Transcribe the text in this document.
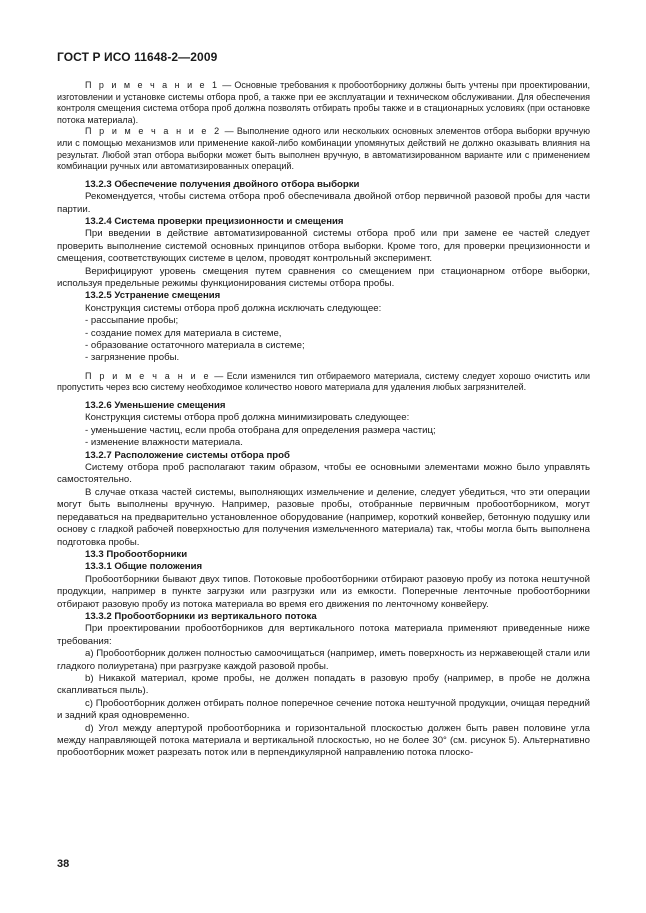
ГОСТ Р ИСО 11648-2—2009

П р и м е ч а н и е 1 — Основные требования к пробоотборнику должны быть учтены при проектировании, изготовлении и установке системы отбора проб, а также при ее эксплуатации и техническом обслуживании. Для обеспечения контроля смещения система отбора проб должна позволять отбирать пробы также и в стационарных условиях (при остановке потока материала).

П р и м е ч а н и е 2 — Выполнение одного или нескольких основных элементов отбора выборки вручную или с помощью механизмов или применение какой-либо комбинации упомянутых действий не должно оказывать влияния на результат. Любой этап отбора выборки может быть выполнен вручную, в автоматизированном варианте или с применением комбинации ручных или автоматизированных операций.

13.2.3 Обеспечение получения двойного отбора выборки

Рекомендуется, чтобы система отбора проб обеспечивала двойной отбор первичной разовой пробы для части партии.

13.2.4 Система проверки прецизионности и смещения

При введении в действие автоматизированной системы отбора проб или при замене ее частей следует проверить выполнение системой основных принципов отбора выборки. Кроме того, для проверки прецизионности и смещения, соответствующих системе в целом, проводят контрольный эксперимент.

Верифицируют уровень смещения путем сравнения со смещением при стационарном отборе выборки, используя предельные режимы функционирования системы отбора пробы.

13.2.5 Устранение смещения

Конструкция системы отбора проб должна исключать следующее:

- рассыпание пробы;

- создание помех для материала в системе,

- образование остаточного материала в системе;

- загрязнение пробы.

П р и м е ч а н и е — Если изменился тип отбираемого материала, систему следует хорошо очистить или пропустить через всю систему необходимое количество нового материала для удаления любых загрязнителей.

13.2.6 Уменьшение смещения

Конструкция системы отбора проб должна минимизировать следующее:

- уменьшение частиц, если проба отобрана для определения размера частиц;

- изменение влажности материала.

13.2.7 Расположение системы отбора проб

Систему отбора проб располагают таким образом, чтобы ее основными элементами можно было управлять самостоятельно.

В случае отказа частей системы, выполняющих измельчение и деление, следует убедиться, что эти операции могут быть выполнены вручную. Например, разовые пробы, отобранные первичным пробоотборником, могут передаваться на предварительно установленное оборудование (например, короткий конвейер, бетонную подушку или основу с гладкой рабочей поверхностью для получения измельченного материала) так, чтобы могла быть выполнена подготовка пробы.

13.3 Пробоотборники

13.3.1 Общие положения

Пробоотборники бывают двух типов. Потоковые пробоотборники отбирают разовую пробу из потока нештучной продукции, например в пункте загрузки или разгрузки или из емкости. Поперечные ленточные пробоотборники отбирают разовую пробу из потока материала во время его движения по ленточному конвейеру.

13.3.2 Пробоотборники из вертикального потока

При проектировании пробоотборников для вертикального потока материала применяют приведенные ниже требования:

a) Пробоотборник должен полностью самоочищаться (например, иметь поверхность из нержавеющей стали или гладкого полиуретана) при разгрузке каждой разовой пробы.

b) Никакой материал, кроме пробы, не должен попадать в разовую пробу (например, в пробе не должна скапливаться пыль).

c) Пробоотборник должен отбирать полное поперечное сечение потока нештучной продукции, очищая передний и задний края одновременно.

d) Угол между апертурой пробоотборника и горизонтальной плоскостью должен быть равен половине угла между направляющей потока материала и вертикальной плоскостью, но не более 30° (см. рисунок 5). Альтернативно пробоотборник может разрезать поток или в перпендикулярной направлению потока плоско-

38
